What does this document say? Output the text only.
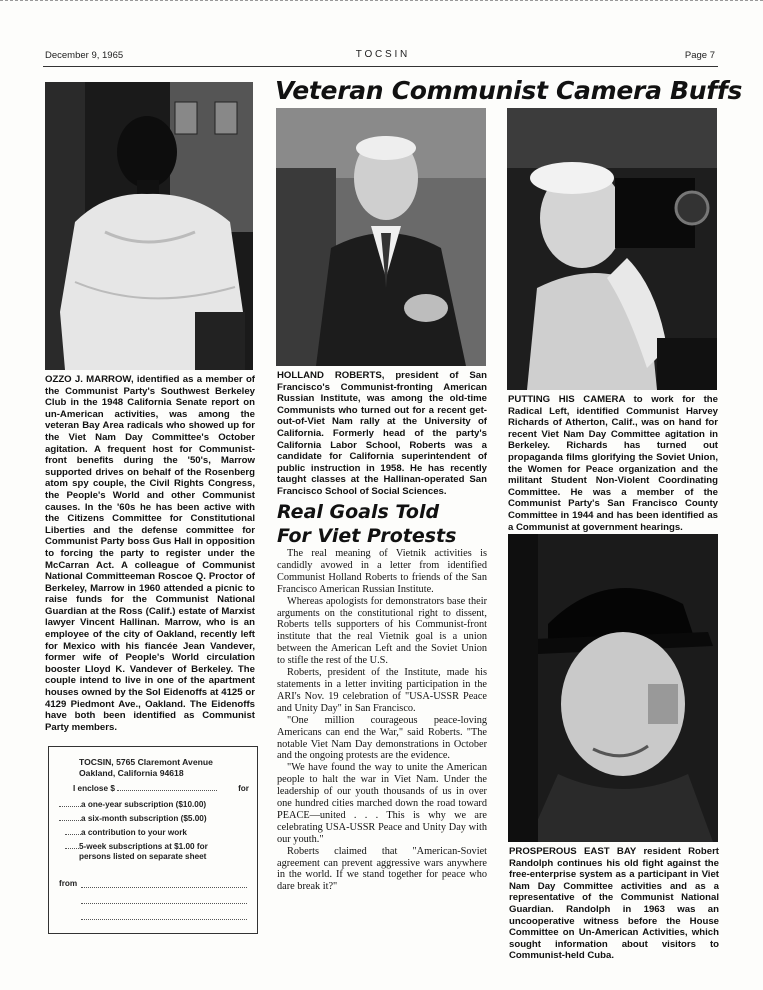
December 9, 1965	T O C S I N	Page 7
Veteran Communist Camera Buffs
OZZO J. MARROW, identified as a member of the Communist Party's Southwest Berkeley Club in the 1948 California Senate report on un-American activities, was among the veteran Bay Area radicals who showed up for the Viet Nam Day Committee's October agitation. A frequent host for Communist-front benefits during the '50's, Marrow supported drives on behalf of the Rosenberg atom spy couple, the Civil Rights Congress, the People's World and other Communist causes. In the '60s he has been active with the Citizens Committee for Constitutional Liberties and the defense committee for Communist Party boss Gus Hall in opposition to forcing the party to register under the McCarran Act. A colleague of Communist National Committeeman Roscoe Q. Proctor of Berkeley, Marrow in 1960 attended a picnic to raise funds for the Communist National Guardian at the Ross (Calif.) estate of Marxist lawyer Vincent Hallinan. Marrow, who is an employee of the city of Oakland, recently left for Mexico with his fiancée Jean Vandever, former wife of People's World circulation booster Lloyd K. Vandever of Berkeley. The couple intend to live in one of the apartment houses owned by the Sol Eidenoffs at 4125 or 4129 Piedmont Ave., Oakland. The Eidenoffs have both been identified as Communist Party members.
HOLLAND ROBERTS, president of San Francisco's Communist-fronting American Russian Institute, was among the old-time Communists who turned out for a recent get-out-of-Viet Nam rally at the University of California. Formerly head of the party's California Labor School, Roberts was a candidate for California superintendent of public instruction in 1958. He has recently taught classes at the Hallinan-operated San Francisco School of Social Sciences.
PUTTING HIS CAMERA to work for the Radical Left, identified Communist Harvey Richards of Atherton, Calif., was on hand for recent Viet Nam Day Committee agitation in Berkeley. Richards has turned out propaganda films glorifying the Soviet Union, the Women for Peace organization and the militant Student Non-Violent Coordinating Committee. He was a member of the Communist Party's San Francisco County Committee in 1944 and has been identified as a Communist at government hearings.
PROSPEROUS EAST BAY resident Robert Randolph continues his old fight against the free-enterprise system as a participant in Viet Nam Day Committee activities and as a representative of the Communist National Guardian. Randolph in 1963 was an uncooperative witness before the House Committee on Un-American Activities, which sought information about visitors to Communist-held Cuba.
Real Goals Told
For Viet Protests

The real meaning of Vietnik activities is candidly avowed in a letter from identified Communist Holland Roberts to friends of the San Francisco American Russian Institute.

Whereas apologists for demonstrators base their arguments on the constitutional right to dissent, Roberts tells supporters of his Communist-front institute that the real Vietnik goal is a union between the American Left and the Soviet Union to stifle the rest of the U.S.

Roberts, president of the Institute, made his statements in a letter inviting participation in the ARI's Nov. 19 celebration of "USA-USSR Peace and Unity Day" in San Francisco.

"One million courageous peace-loving Americans can end the War," said Roberts. "The notable Viet Nam Day demonstrations in October and the ongoing protests are the evidence.

"We have found the way to unite the American people to halt the war in Viet Nam. Under the leadership of our youth thousands of us in over one hundred cities marched down the road toward PEACE—united . . . This is why we are celebrating USA-USSR Peace and Unity Day with our youth."

Roberts claimed that "American-Soviet agreement can prevent aggressive wars anywhere in the world. If we stand together for peace who dare break it?"

TOCSIN, 5765 Claremont Avenue
Oakland, California 94618
I enclose $	for
a one-year subscription ($10.00)
a six-month subscription ($5.00)
a contribution to your work
5-week subscriptions at $1.00 for
persons listed on separate sheet
from
